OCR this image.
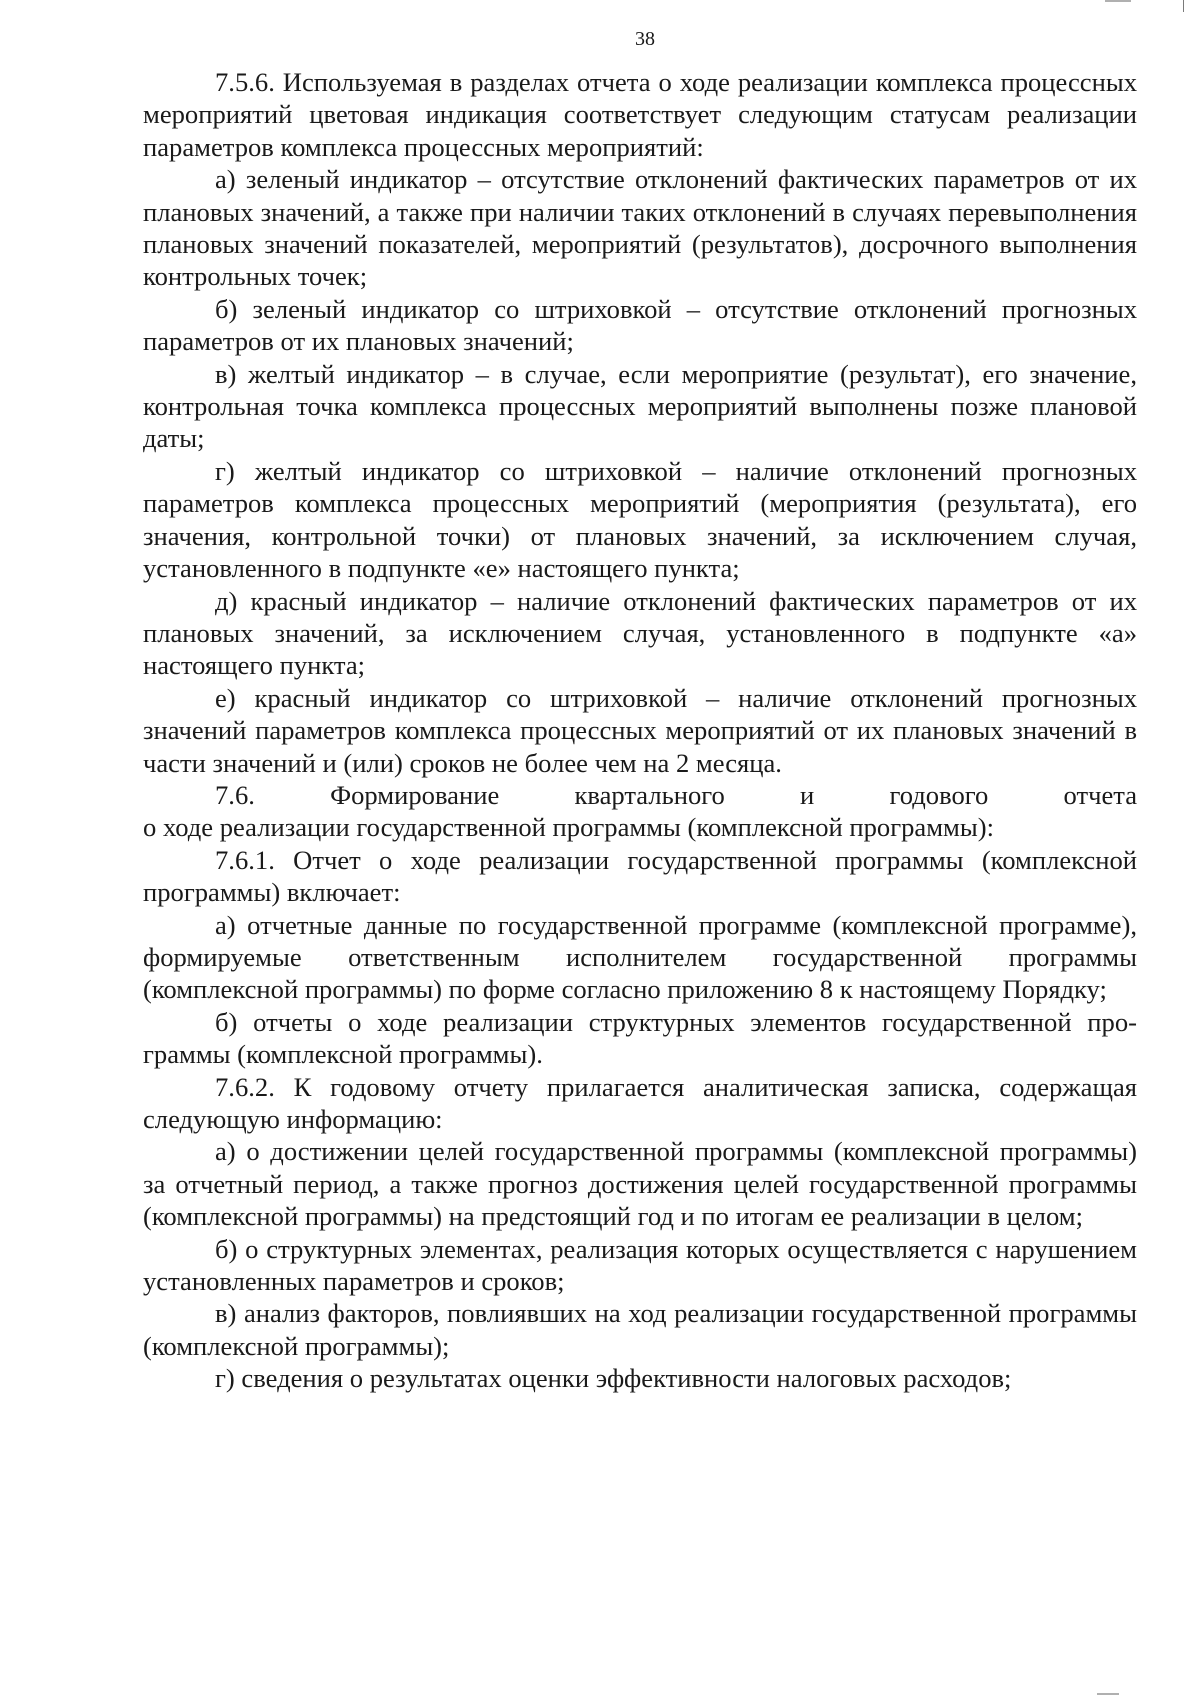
38

7.5.6. Используемая в разделах отчета о ходе реализации комплекса процессных мероприятий цветовая индикация соответствует следующим статусам реализации параметров комплекса процессных мероприятий:

а) зеленый индикатор – отсутствие отклонений фактических параметров от их плановых значений, а также при наличии таких отклонений в случаях перевыполнения плановых значений показателей, мероприятий (результатов), досрочного выполнения контрольных точек;

б) зеленый индикатор со штриховкой – отсутствие отклонений прогнозных параметров от их плановых значений;

в) желтый индикатор – в случае, если мероприятие (результат), его значение, контрольная точка комплекса процессных мероприятий выполнены позже плановой даты;

г) желтый индикатор со штриховкой – наличие отклонений прогнозных параметров комплекса процессных мероприятий (мероприятия (результата), его значения, контрольной точки) от плановых значений, за исключением случая, установленного в подпункте «е» настоящего пункта;

д) красный индикатор – наличие отклонений фактических параметров от их плановых значений, за исключением случая, установленного в подпункте «а» настоящего пункта;

е) красный индикатор со штриховкой – наличие отклонений прогнозных значений параметров комплекса процессных мероприятий от их плановых значений в части значений и (или) сроков не более чем на 2 месяца.

7.6. Формирование квартального и годового отчета

о ходе реализации государственной программы (комплексной программы):

7.6.1. Отчет о ходе реализации государственной программы (комплексной программы) включает:

а) отчетные данные по государственной программе (комплексной программе), формируемые ответственным исполнителем государственной программы (комплексной программы) по форме согласно приложению 8 к настоящему Порядку;

б) отчеты о ходе реализации структурных элементов государственной программы (комплексной программы).

7.6.2. К годовому отчету прилагается аналитическая записка, содержащая следующую информацию:

а) о достижении целей государственной программы (комплексной программы) за отчетный период, а также прогноз достижения целей государственной программы (комплексной программы) на предстоящий год и по итогам ее реализации в целом;

б) о структурных элементах, реализация которых осуществляется с нарушением установленных параметров и сроков;

в) анализ факторов, повлиявших на ход реализации государственной программы (комплексной программы);

г) сведения о результатах оценки эффективности налоговых расходов;
